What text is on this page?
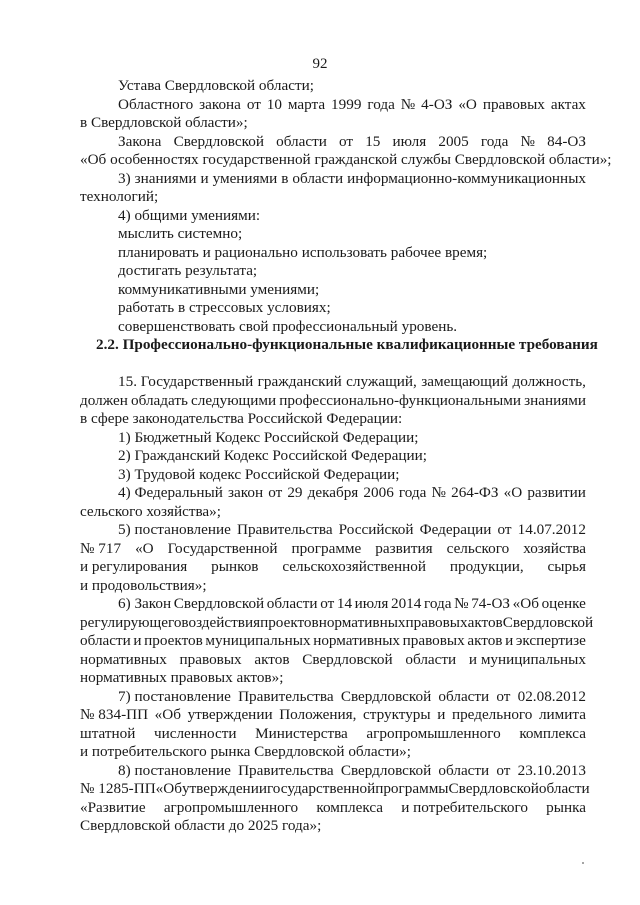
92
Устава Свердловской области;
Областного закона от 10 марта 1999 года № 4-ОЗ «О правовых актах
в Свердловской области»;
Закона Свердловской области от 15 июля 2005 года № 84-ОЗ
«Об особенностях государственной гражданской службы Свердловской области»;
3) знаниями и умениями в области информационно-коммуникационных
технологий;
4) общими умениями:
мыслить системно;
планировать и рационально использовать рабочее время;
достигать результата;
коммуникативными умениями;
работать в стрессовых условиях;
совершенствовать свой профессиональный уровень.
2.2. Профессионально-функциональные квалификационные требования
15. Государственный гражданский служащий, замещающий должность,
должен обладать следующими профессионально-функциональными знаниями
в сфере законодательства Российской Федерации:
1) Бюджетный Кодекс Российской Федерации;
2) Гражданский Кодекс Российской Федерации;
3) Трудовой кодекс Российской Федерации;
4) Федеральный закон от 29 декабря 2006 года № 264-ФЗ «О развитии
сельского хозяйства»;
5) постановление Правительства Российской Федерации от 14.07.2012
№ 717 «О Государственной программе развития сельского хозяйства
и регулирования рынков сельскохозяйственной продукции, сырья
и продовольствия»;
6) Закон Свердловской области от 14 июля 2014 года № 74-ОЗ «Об оценке
регулирующего воздействия проектов нормативных правовых актов Свердловской
области и проектов муниципальных нормативных правовых актов и экспертизе
нормативных правовых актов Свердловской области и муниципальных
нормативных правовых актов»;
7) постановление Правительства Свердловской области от 02.08.2012
№ 834-ПП «Об утверждении Положения, структуры и предельного лимита
штатной численности Министерства агропромышленного комплекса
и потребительского рынка Свердловской области»;
8) постановление Правительства Свердловской области от 23.10.2013
№ 1285-ПП «Об утверждении государственной программы Свердловской области
«Развитие агропромышленного комплекса и потребительского рынка
Свердловской области до 2025 года»;
